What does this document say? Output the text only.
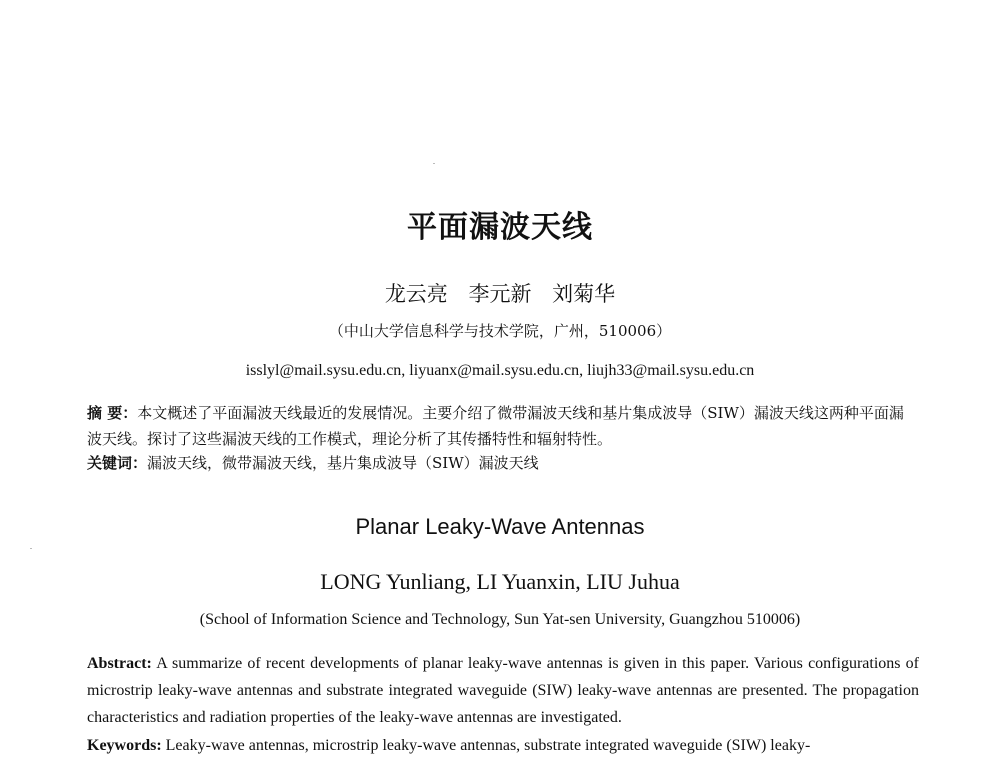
平面漏波天线
龙云亮 李元新 刘菊华
（中山大学信息科学与技术学院，广州，510006）
isslyl@mail.sysu.edu.cn, liyuanx@mail.sysu.edu.cn, liujh33@mail.sysu.edu.cn
摘 要：本文概述了平面漏波天线最近的发展情况。主要介绍了微带漏波天线和基片集成波导（SIW）漏波天线这两种平面漏波天线。探讨了这些漏波天线的工作模式，理论分析了其传播特性和辐射特性。
关键词：漏波天线，微带漏波天线，基片集成波导（SIW）漏波天线
Planar Leaky-Wave Antennas
LONG Yunliang, LI Yuanxin, LIU Juhua
(School of Information Science and Technology, Sun Yat-sen University, Guangzhou 510006)
Abstract: A summarize of recent developments of planar leaky-wave antennas is given in this paper. Various configurations of microstrip leaky-wave antennas and substrate integrated waveguide (SIW) leaky-wave antennas are presented. The propagation characteristics and radiation properties of the leaky-wave antennas are investigated.
Keywords: Leaky-wave antennas, microstrip leaky-wave antennas, substrate integrated waveguide (SIW) leaky-
